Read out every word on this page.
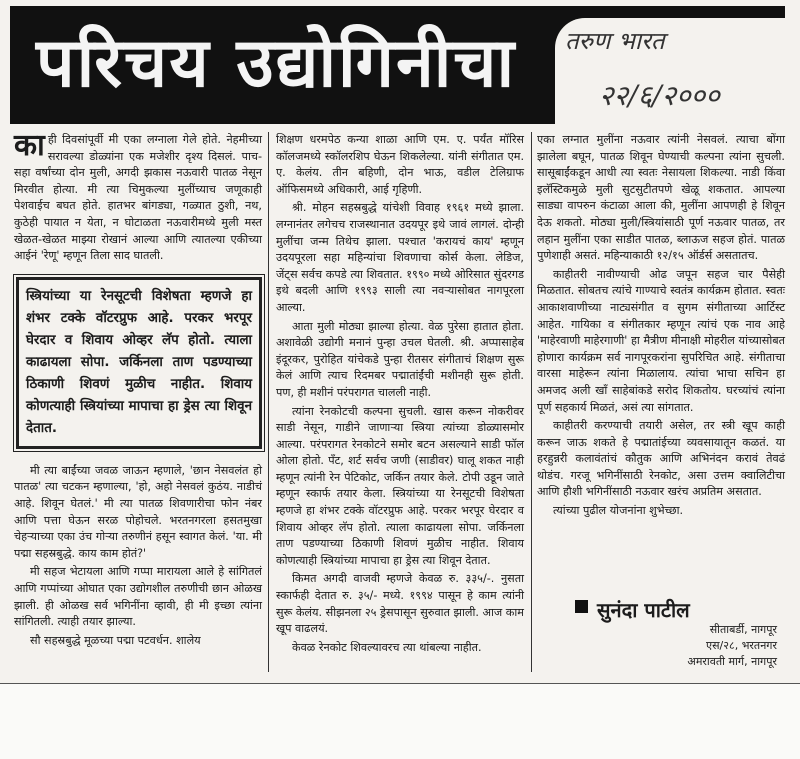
परिचय उद्योगिनीचा तरुण भारत
२२/६/२०००

काही दिवसांपूर्वी मी एका लग्नाला गेले होते. नेहमीच्या सरावल्या डोळ्यांना एक मजेशीर दृश्य दिसलं. पाच-सहा वर्षांच्या दोन मुली, अगदी झकास नऊवारी पातळ नेसून मिरवीत होत्या. मी त्या चिमुकल्या मुलींच्याच जणूकाही पेशवाईच बघत होते. हातभर बांगड्या, गळ्यात ठुशी, नथ, कुठेही पायात न येता, न घोटाळता नऊवारीमध्ये मुली मस्त खेळत-खेळत माझ्या रोखानं आल्या आणि त्यातल्या एकीच्या आईनं 'रेणू' म्हणून तिला साद घातली.

स्त्रियांच्या या रेनसूटची विशेषता म्हणजे हा शंभर टक्के वॉटरप्रुफ आहे. परकर भरपूर घेरदार व शिवाय ओव्हर लॅप होतो. त्याला काढायला सोपा. जर्किनला ताण पडण्याच्या ठिकाणी शिवणं मुळीच नाहीत. शिवाय कोणत्याही स्त्रियांच्या मापाचा हा ड्रेस त्या शिवून देतात.

मी त्या बाईंच्या जवळ जाऊन म्हणाले, 'छान नेसवलंत हो पातळ' त्या चटकन म्हणाल्या, 'हो, अहो नेसवलं कुठंय. नाडीचं आहे. शिवून घेतलं.' मी त्या पातळ शिवणारीचा फोन नंबर आणि पत्ता घेऊन सरळ पोहोचले. भरतनगरला हसतमुखा चेहऱ्याच्या एका उंच गोऱ्या तरुणीनं हसून स्वागत केलं. 'या. मी पद्मा सहस्रबुद्धे. काय काम होतं?'

मी सहज भेटायला आणि गप्पा मारायला आले हे सांगितलं आणि गप्पांच्या ओघात एका उद्योगशील तरुणीची छान ओळख झाली. ही ओळख सर्व भगिनींना व्हावी, ही मी इच्छा त्यांना सांगितली. त्याही तयार झाल्या.

सौ सहस्रबुद्धे मूळच्या पद्मा पटवर्धन. शालेय

शिक्षण धरमपेठ कन्या शाळा आणि एम. ए. पर्यंत मॉरिस कॉलजमध्ये स्कॉलरशिप घेऊन शिकलेल्या. यांनी संगीतात एम. ए. केलंय. तीन बहिणी, दोन भाऊ, वडील टेलिग्राफ ऑफिसमध्ये अधिकारी, आई गृहिणी.

श्री. मोहन सहस्रबुद्धे यांचेशी विवाह १९६१ मध्ये झाला. लग्नानंतर लगेचच राजस्थानात उदयपूर इथे जावं लागलं. दोन्ही मुलींचा जन्म तिथेच झाला. पश्चात 'करायचं काय' म्हणून उदयपूरला सहा महिन्यांचा शिवणाचा कोर्स केला. लेडिज, जेंट्स सर्वच कपडे त्या शिवतात. १९९० मध्ये ओरिसात सुंदरगड इथे बदली आणि १९९३ साली त्या नवऱ्यासोबत नागपूरला आल्या.

आता मुली मोठ्या झाल्या होत्या. वेळ पुरेसा हातात होता. अशावेळी उद्योगी मनानं पुन्हा उचल घेतली. श्री. अप्पासाहेब इंदूरकर, पुरोहित यांचेकडे पुन्हा रीतसर संगीताचं शिक्षण सुरू केलं आणि त्याच रिदमबर पद्मातांईंची मशीनही सुरू होती. पण, ही मशीनं परंपरागत चालली नाही.

त्यांना रेनकोटची कल्पना सुचली. खास करून नोकरीवर साडी नेसून, गाडीने जाणाऱ्या स्त्रिया त्यांच्या डोळ्यासमोर आल्या. परंपरागत रेनकोटने समोर बटन असल्याने साडी फॉल ओला होतो. पँट, शर्ट सर्वच जणी (साडीवर) घालू शकत नाही म्हणून त्यांनी रेन पेटिकोट, जर्किन तयार केले. टोपी उडून जाते म्हणून स्कार्फ तयार केला. स्त्रियांच्या या रेनसूटची विशेषता म्हणजे हा शंभर टक्के वॉटरप्रुफ आहे. परकर भरपूर घेरदार व शिवाय ओव्हर लॅप होतो. त्याला काढायला सोपा. जर्किनला ताण पडण्याच्या ठिकाणी शिवणं मुळीच नाहीत. शिवाय कोणत्याही स्त्रियांच्या मापाचा हा ड्रेस त्या शिवून देतात.

किमत अगदी वाजवी म्हणजे केवळ रु. ३३५/-. नुसता स्कार्फही देतात रु. ३५/- मध्ये. १९९४ पासून हे काम त्यांनी सुरू केलंय. सीझनला २५ ड्रेसपासून सुरुवात झाली. आज काम खूप वाढलयं.

केवळ रेनकोट शिवल्यावरच त्या थांबल्या नाहीत.

एका लग्नात मुलींना नऊवार त्यांनी नेसवलं. त्याचा बोंगा झालेला बघून, पातळ शिवून घेण्याची कल्पना त्यांना सुचली. सासूबाईंकडून आधी त्या स्वतः नेसायला शिकल्या. नाडी किंवा इलॅस्टिकमुळे मुली सुटसुटीतपणे खेळू शकतात. आपल्या साड्या वापरुन कंटाळा आला की, मुलींना आपणही हे शिवून देऊ शकतो. मोठ्या मुली/स्त्रियांसाठी पूर्ण नऊवार पातळ, तर लहान मुलींना एका साडीत पातळ, ब्लाऊज सहज होतं. पातळ पुणेशाही असतं. महिन्याकाठी १२/१५ ऑर्डर्स असतातच.

काहीतरी नावीण्याची ओढ जपून सहज चार पैसेही मिळतात. सोबतच त्यांचे गाण्याचे स्वतंत्र कार्यक्रम होतात. स्वतः आकाशवाणीच्या नाट्यसंगीत व सुगम संगीताच्या आर्टिस्ट आहेत. गायिका व संगीतकार म्हणून त्यांचं एक नाव आहे 'माहेरवाणी माहेरगाणी' हा मैत्रीण मीनाक्षी मोहरील यांच्यासोबत होणारा कार्यक्रम सर्व नागपूरकरांना सुपरिचित आहे. संगीताचा वारसा माहेरून त्यांना मिळालाय. त्यांचा भाचा सचिन हा अमजद अली खाँ साहेबांकडे सरोद शिकतोय. घरच्यांचं त्यांना पूर्ण सहकार्य मिळतं, असं त्या सांगतात.

काहीतरी करण्याची तयारी असेल, तर स्त्री खूप काही करून जाऊ शकते हे पद्मातांईच्या व्यवसायातून कळतं. या हरहुन्नरी कलावंतांचं कौतुक आणि अभिनंदन करावं तेवढं थोडंच. गरजू भगिनींसाठी रेनकोट, असा उत्तम क्वालिटीचा आणि हौशी भगिनींसाठी नऊवार खरंच अप्रतिम असतात.

त्यांच्या पुढील योजनांना शुभेच्छा.

सुनंदा पाटील
सीताबर्डी, नागपूर
एस/२८, भरतनगर
अमरावती मार्ग, नागपूर
